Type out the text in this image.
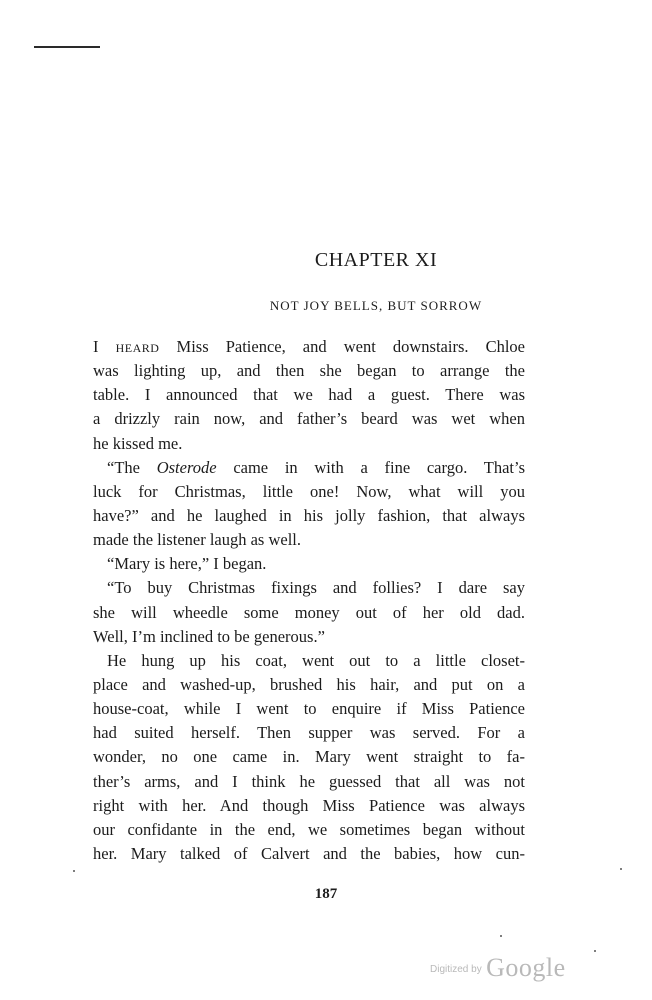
CHAPTER XI
NOT JOY BELLS, BUT SORROW
I heard Miss Patience, and went downstairs. Chloe
was lighting up, and then she began to arrange the
table. I announced that we had a guest. There was
a drizzly rain now, and father’s beard was wet when
he kissed me.
“The Osterode came in with a fine cargo. That’s
luck for Christmas, little one! Now, what will you
have?” and he laughed in his jolly fashion, that always
made the listener laugh as well.
“Mary is here,” I began.
“To buy Christmas fixings and follies? I dare say
she will wheedle some money out of her old dad.
Well, I’m inclined to be generous.”
He hung up his coat, went out to a little closet-
place and washed-up, brushed his hair, and put on a
house-coat, while I went to enquire if Miss Patience
had suited herself. Then supper was served. For a
wonder, no one came in. Mary went straight to fa-
ther’s arms, and I think he guessed that all was not
right with her. And though Miss Patience was always
our confidante in the end, we sometimes began without
her. Mary talked of Calvert and the babies, how cun-
187
$^{Digitized by}$ Google
